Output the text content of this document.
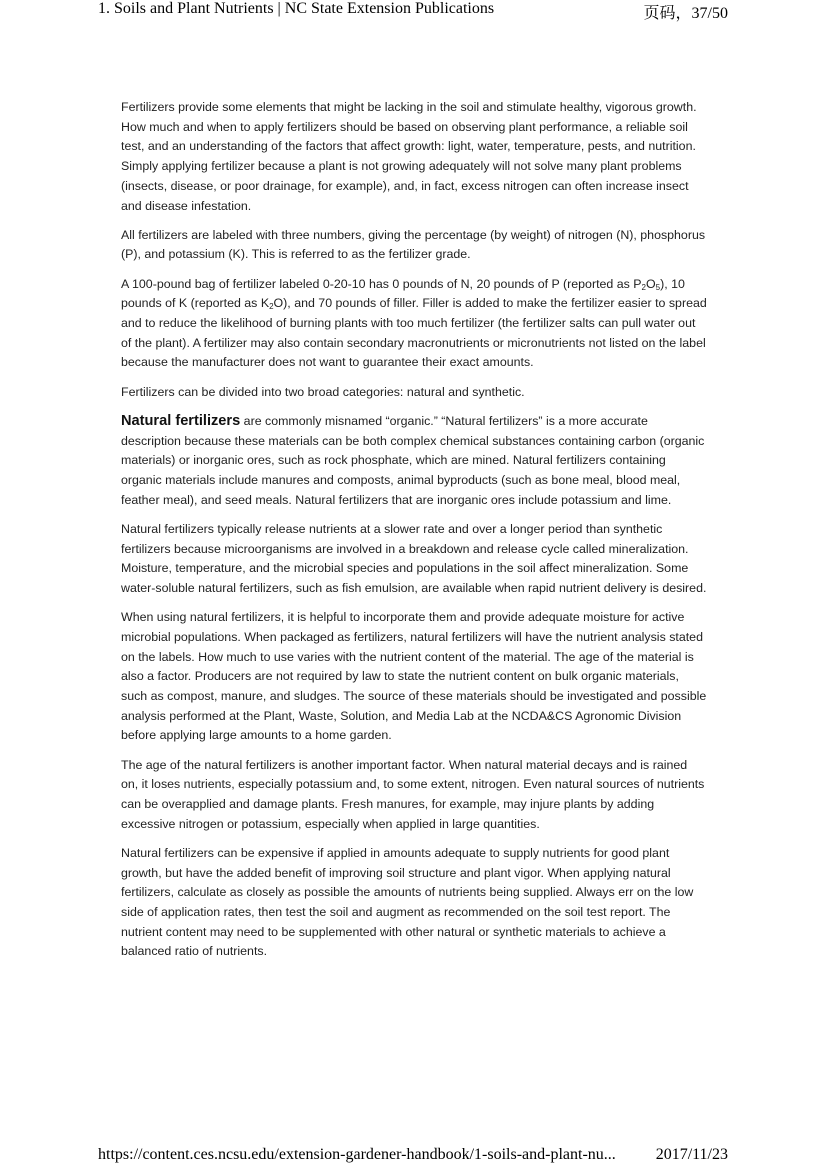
1. Soils and Plant Nutrients | NC State Extension Publications	页码，37/50

Fertilizers provide some elements that might be lacking in the soil and stimulate healthy, vigorous growth. How much and when to apply fertilizers should be based on observing plant performance, a reliable soil test, and an understanding of the factors that affect growth: light, water, temperature, pests, and nutrition. Simply applying fertilizer because a plant is not growing adequately will not solve many plant problems (insects, disease, or poor drainage, for example), and, in fact, excess nitrogen can often increase insect and disease infestation.

All fertilizers are labeled with three numbers, giving the percentage (by weight) of nitrogen (N), phosphorus (P), and potassium (K). This is referred to as the fertilizer grade.

A 100-pound bag of fertilizer labeled 0-20-10 has 0 pounds of N, 20 pounds of P (reported as $P_2O_5$), 10 pounds of K (reported as $K_2O$), and 70 pounds of filler. Filler is added to make the fertilizer easier to spread and to reduce the likelihood of burning plants with too much fertilizer (the fertilizer salts can pull water out of the plant). A fertilizer may also contain secondary macronutrients or micronutrients not listed on the label because the manufacturer does not want to guarantee their exact amounts.

Fertilizers can be divided into two broad categories: natural and synthetic.

Natural fertilizers are commonly misnamed “organic.” “Natural fertilizers” is a more accurate description because these materials can be both complex chemical substances containing carbon (organic materials) or inorganic ores, such as rock phosphate, which are mined. Natural fertilizers containing organic materials include manures and composts, animal byproducts (such as bone meal, blood meal, feather meal), and seed meals. Natural fertilizers that are inorganic ores include potassium and lime.

Natural fertilizers typically release nutrients at a slower rate and over a longer period than synthetic fertilizers because microorganisms are involved in a breakdown and release cycle called mineralization. Moisture, temperature, and the microbial species and populations in the soil affect mineralization. Some water-soluble natural fertilizers, such as fish emulsion, are available when rapid nutrient delivery is desired.

When using natural fertilizers, it is helpful to incorporate them and provide adequate moisture for active microbial populations. When packaged as fertilizers, natural fertilizers will have the nutrient analysis stated on the labels. How much to use varies with the nutrient content of the material. The age of the material is also a factor. Producers are not required by law to state the nutrient content on bulk organic materials, such as compost, manure, and sludges. The source of these materials should be investigated and possible analysis performed at the Plant, Waste, Solution, and Media Lab at the NCDA&CS Agronomic Division before applying large amounts to a home garden.

The age of the natural fertilizers is another important factor. When natural material decays and is rained on, it loses nutrients, especially potassium and, to some extent, nitrogen. Even natural sources of nutrients can be overapplied and damage plants. Fresh manures, for example, may injure plants by adding excessive nitrogen or potassium, especially when applied in large quantities.

Natural fertilizers can be expensive if applied in amounts adequate to supply nutrients for good plant growth, but have the added benefit of improving soil structure and plant vigor. When applying natural fertilizers, calculate as closely as possible the amounts of nutrients being supplied. Always err on the low side of application rates, then test the soil and augment as recommended on the soil test report. The nutrient content may need to be supplemented with other natural or synthetic materials to achieve a balanced ratio of nutrients.

https://content.ces.ncsu.edu/extension-gardener-handbook/1-soils-and-plant-nu... 2017/11/23
